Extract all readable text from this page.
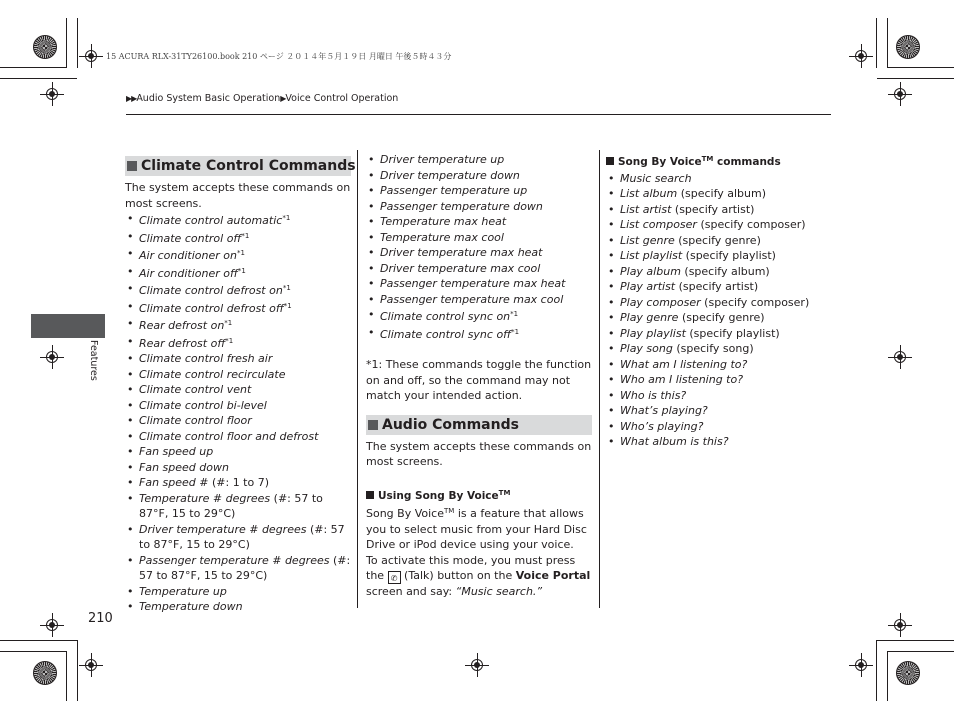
15 ACURA RLX-31TY26100.book 210 ページ ２０１４年５月１９日 月曜日 午後５時４３分
▶▶Audio System Basic Operation▶Voice Control Operation
Features
210
Climate Control Commands

The system accepts these commands on most screens.

• Climate control automatic$^{*1}$
• Climate control off$^{*1}$
• Air conditioner $on^{*1}$
• Air conditioner off$^{*1}$
• Climate control defrost $on^{*1}$
• Climate control defrost off$^{*1}$
• Rear defrost $on^{*1}$
• Rear defrost off$^{*1}$
• Climate control fresh air
• Climate control recirculate
• Climate control vent
• Climate control bi-level
• Climate control floor
• Climate control floor and defrost
• Fan speed up
• Fan speed down
• Fan speed # (#: 1 to 7)
• Temperature # degrees (#: 57 to 87°F, 15 to 29°C)
• Driver temperature # degrees (#: 57 to 87°F, 15 to 29°C)
• Passenger temperature # degrees (#: 57 to 87°F, 15 to 29°C)
• Temperature up
• Temperature down
• Driver temperature up
• Driver temperature down
• Passenger temperature up
• Passenger temperature down
• Temperature max heat
• Temperature max cool
• Driver temperature max heat
• Driver temperature max cool
• Passenger temperature max heat
• Passenger temperature max cool
• Climate control sync $on^{*1}$
• Climate control sync off$^{*1}$

*1: These commands toggle the function on and off, so the command may not match your intended action.

Audio Commands

The system accepts these commands on most screens.

Using Song By Voice™

Song By Voice™ is a feature that allows you to select music from your Hard Disc Drive or iPod device using your voice.

To activate this mode, you must press the ✆ (Talk) button on the Voice Portal screen and say: “Music search.”

Song By Voice™ commands
• Music search
• List album (specify album)
• List artist (specify artist)
• List composer (specify composer)
• List genre (specify genre)
• List playlist (specify playlist)
• Play album (specify album)
• Play artist (specify artist)
• Play composer (specify composer)
• Play genre (specify genre)
• Play playlist (specify playlist)
• Play song (specify song)
• What am I listening to?
• Who am I listening to?
• Who is this?
• What’s playing?
• Who’s playing?
• What album is this?
